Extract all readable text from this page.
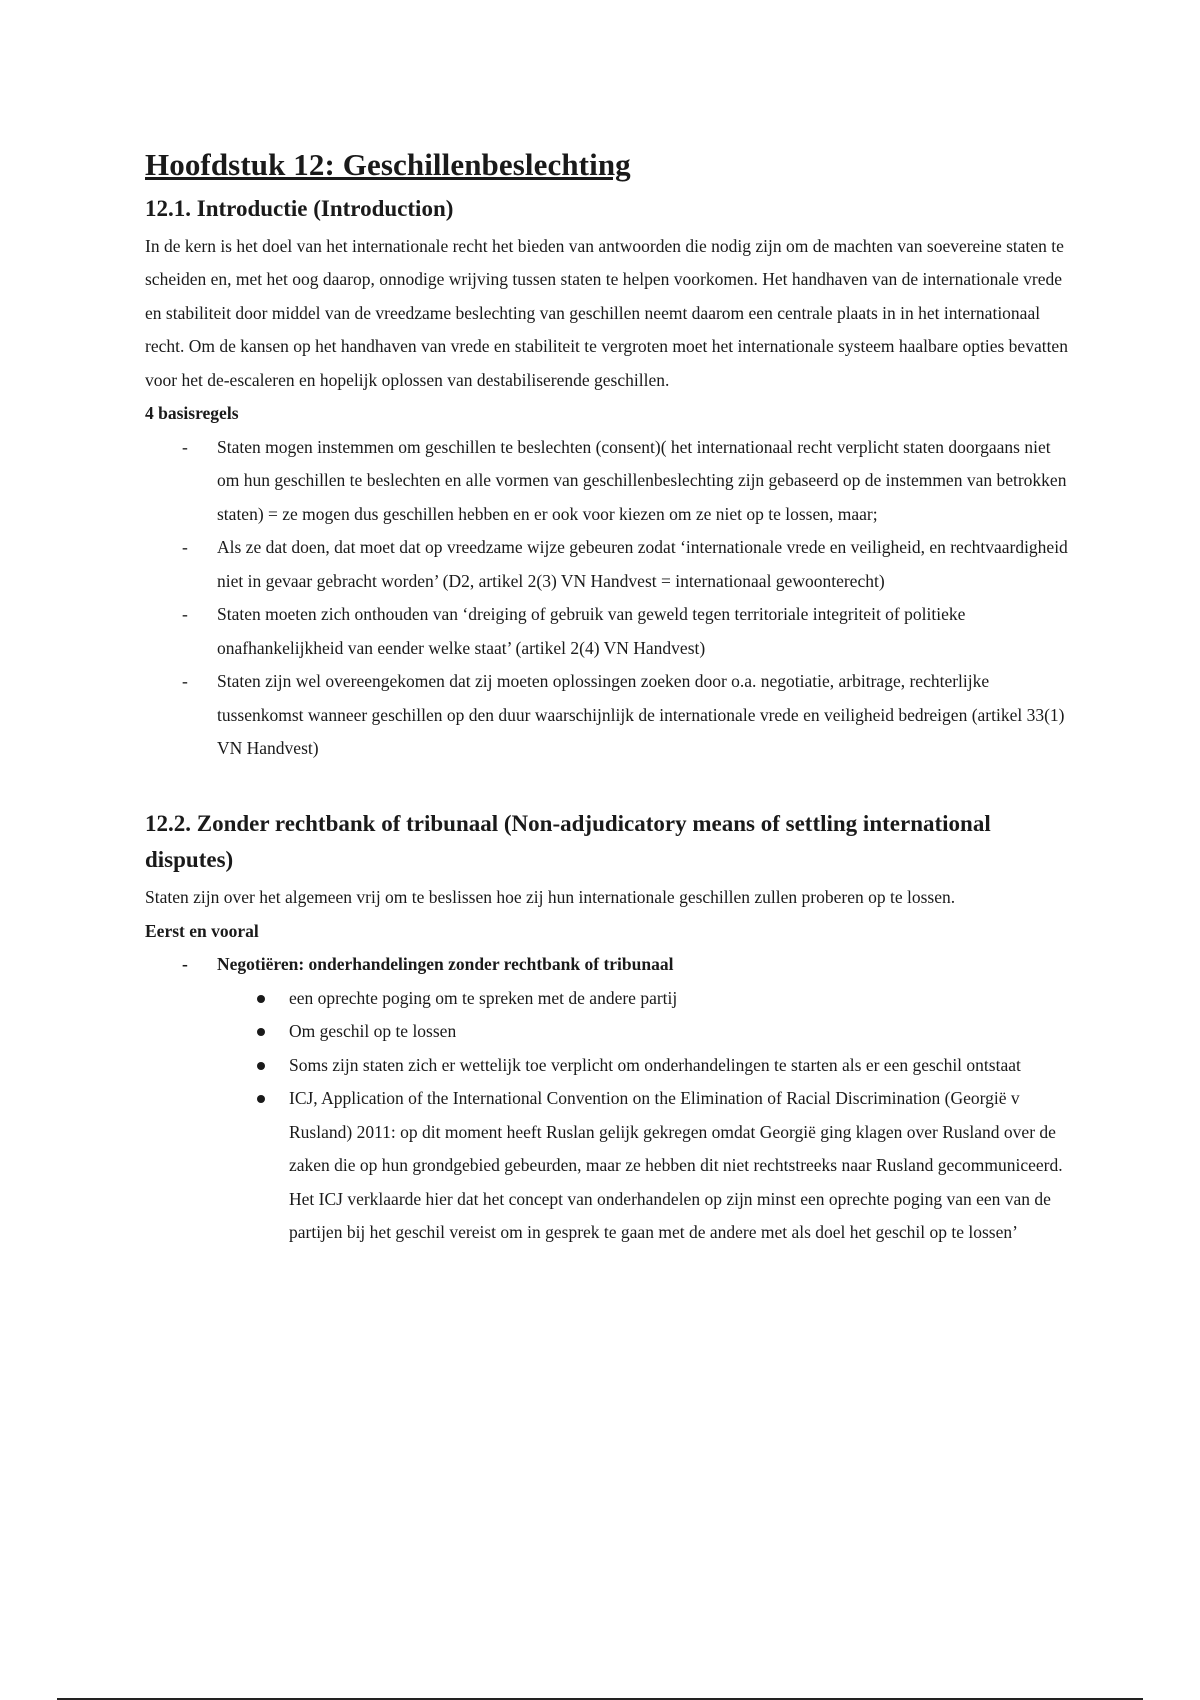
Hoofdstuk 12: Geschillenbeslechting
12.1. Introductie (Introduction)

In de kern is het doel van het internationale recht het bieden van antwoorden die nodig zijn om de machten van soevereine staten te scheiden en, met het oog daarop, onnodige wrijving tussen staten te helpen voorkomen. Het handhaven van de internationale vrede en stabiliteit door middel van de vreedzame beslechting van geschillen neemt daarom een centrale plaats in in het internationaal recht. Om de kansen op het handhaven van vrede en stabiliteit te vergroten moet het internationale systeem haalbare opties bevatten voor het de-escaleren en hopelijk oplossen van destabiliserende geschillen.

4 basisregels
- Staten mogen instemmen om geschillen te beslechten (consent)( het internationaal recht verplicht staten doorgaans niet om hun geschillen te beslechten en alle vormen van geschillenbeslechting zijn gebaseerd op de instemmen van betrokken staten) = ze mogen dus geschillen hebben en er ook voor kiezen om ze niet op te lossen, maar;
- Als ze dat doen, dat moet dat op vreedzame wijze gebeuren zodat ‘internationale vrede en veiligheid, en rechtvaardigheid niet in gevaar gebracht worden’ (D2, artikel 2(3) VN Handvest = internationaal gewoonterecht)
- Staten moeten zich onthouden van ‘dreiging of gebruik van geweld tegen territoriale integriteit of politieke onafhankelijkheid van eender welke staat’ (artikel 2(4) VN Handvest)
- Staten zijn wel overeengekomen dat zij moeten oplossingen zoeken door o.a. negotiatie, arbitrage, rechterlijke tussenkomst wanneer geschillen op den duur waarschijnlijk de internationale vrede en veiligheid bedreigen (artikel 33(1) VN Handvest)
12.2. Zonder rechtbank of tribunaal (Non-adjudicatory means of settling international disputes)

Staten zijn over het algemeen vrij om te beslissen hoe zij hun internationale geschillen zullen proberen op te lossen.

Eerst en vooral
- Negotiëren: onderhandelingen zonder rechtbank of tribunaal
een oprechte poging om te spreken met de andere partij
Om geschil op te lossen
Soms zijn staten zich er wettelijk toe verplicht om onderhandelingen te starten als er een geschil ontstaat
ICJ, Application of the International Convention on the Elimination of Racial Discrimination (Georgië v Rusland) 2011: op dit moment heeft Ruslan gelijk gekregen omdat Georgië ging klagen over Rusland over de zaken die op hun grondgebied gebeurden, maar ze hebben dit niet rechtstreeks naar Rusland gecommuniceerd. Het ICJ verklaarde hier dat het concept van onderhandelen op zijn minst een oprechte poging van een van de partijen bij het geschil vereist om in gesprek te gaan met de andere met als doel het geschil op te lossen’
